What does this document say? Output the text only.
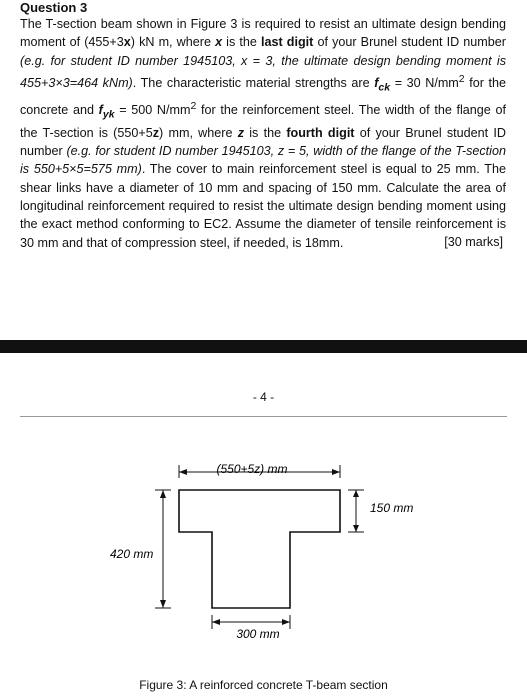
Question 3
The T-section beam shown in Figure 3 is required to resist an ultimate design bending moment of (455+3x) kN m, where x is the last digit of your Brunel student ID number (e.g. for student ID number 1945103, x = 3, the ultimate design bending moment is 455+3×3=464 kNm). The characteristic material strengths are $f_{ck} = 30$ $N/mm^2$ for the concrete and $f_{yk} = 500$ $N/mm^2$ for the reinforcement steel. The width of the flange of the T-section is (550+5z) mm, where z is the fourth digit of your Brunel student ID number (e.g. for student ID number 1945103, z = 5, width of the flange of the T-section is 550+5×5=575 mm). The cover to main reinforcement steel is equal to 25 mm. The shear links have a diameter of 10 mm and spacing of 150 mm. Calculate the area of longitudinal reinforcement required to resist the ultimate design bending moment using the exact method conforming to EC2. Assume the diameter of tensile reinforcement is 30 mm and that of compression steel, if needed, is 18mm.	[30 marks]
- 4 -
(550+5z) mm
150 mm
420 mm
300 mm
Figure 3: A reinforced concrete T-beam section
